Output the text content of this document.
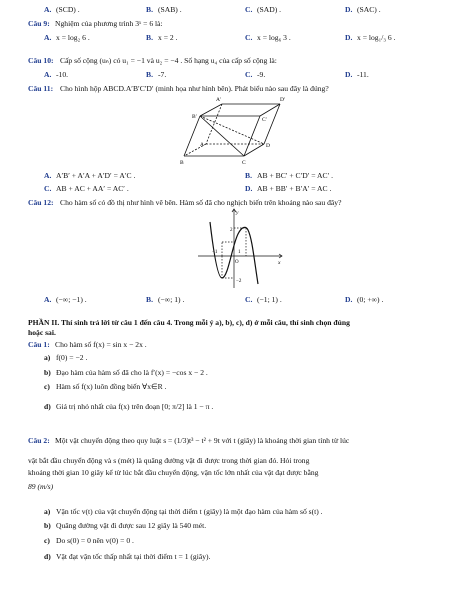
A. (SCD) .	B. (SAB) .	C. (SAD) .	D. (SAC) .
Câu 9: Nghiệm của phương trình 3ˣ = 6 là:
A. x = log₂ 6 .	B. x = 2 .	C. x = log₆ 3 .	D. x = log₁/₃ 6 .
Câu 10: Cấp số cộng (uₙ) có u₁ = −1 và u₂ = −4 . Số hạng u₄ của cấp số cộng là:
A. -10.	B. -7.	C. -9.	D. -11.
Câu 11: Cho hình hộp ABCD.A′B′C′D′ (minh họa như hình bên). Phát biểu nào sau đây là đúng?
A′	D′
B′	C′
A	D
B	C
A. A′B′ + A′A + A′D′ = A′C .	B. AB + BC′ + C′D′ = AC′ .
C. AB + AC + AA′ = AC′ .	D. AB + BB′ + B′A′ = AC .
Câu 12: Cho hàm số có đồ thị như hình vẽ bên. Hàm số đã cho nghịch biến trên khoảng nào sau đây?
y
x
O
2
−1	1
−2
A. (−∞; −1) .	B. (−∞; 1) .	C. (−1; 1) .	D. (0; +∞) .
PHẦN II. Thí sinh trả lời từ câu 1 đến câu 4. Trong mỗi ý a), b), c), d) ở mỗi câu, thí sinh chọn đúng
hoặc sai.
Câu 1: Cho hàm số f(x) = sin x − 2x .
a) f(0) = −2 .
b) Đạo hàm của hàm số đã cho là f′(x) = −cos x − 2 .
c) Hàm số f(x) luôn đồng biến ∀x∈R .
d) Giá trị nhỏ nhất của f(x) trên đoạn [0; π/2] là 1 − π .
Câu 2: Một vật chuyển động theo quy luật s = (1/3)t³ − t² + 9t với t (giây) là khoảng thời gian tính từ lúc
vật bắt đầu chuyển động và s (mét) là quãng đường vật đi được trong thời gian đó. Hỏi trong
khoảng thời gian 10 giây kể từ lúc bắt đầu chuyển động, vận tốc lớn nhất của vật đạt được bằng
89 (m/s)
a) Vận tốc v(t) của vật chuyển động tại thời điểm t (giây) là một đạo hàm của hàm số s(t) .
b) Quãng đường vật đi được sau 12 giây là 540 mét.
c) Do s(0) = 0 nên v(0) = 0 .
d) Vật đạt vận tốc thấp nhất tại thời điểm t = 1 (giây).
